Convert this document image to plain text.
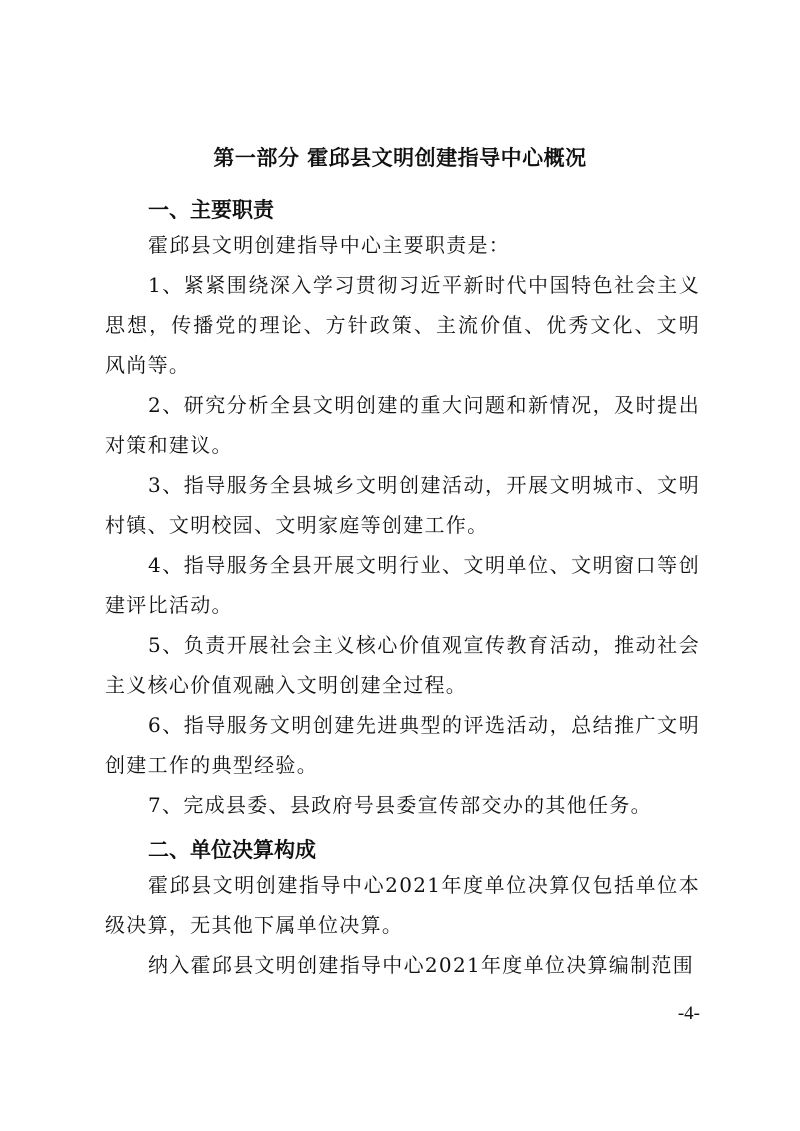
第一部分 霍邱县文明创建指导中心概况
一、主要职责

霍邱县文明创建指导中心主要职责是：

1、紧紧围绕深入学习贯彻习近平新时代中国特色社会主义思想，传播党的理论、方针政策、主流价值、优秀文化、文明风尚等。

2、研究分析全县文明创建的重大问题和新情况，及时提出对策和建议。

3、指导服务全县城乡文明创建活动，开展文明城市、文明村镇、文明校园、文明家庭等创建工作。

4、指导服务全县开展文明行业、文明单位、文明窗口等创建评比活动。

5、负责开展社会主义核心价值观宣传教育活动，推动社会主义核心价值观融入文明创建全过程。

6、指导服务文明创建先进典型的评选活动，总结推广文明创建工作的典型经验。

7、完成县委、县政府号县委宣传部交办的其他任务。

二、单位决算构成

霍邱县文明创建指导中心2021年度单位决算仅包括单位本级决算，无其他下属单位决算。

纳入霍邱县文明创建指导中心2021年度单位决算编制范围

-4-
